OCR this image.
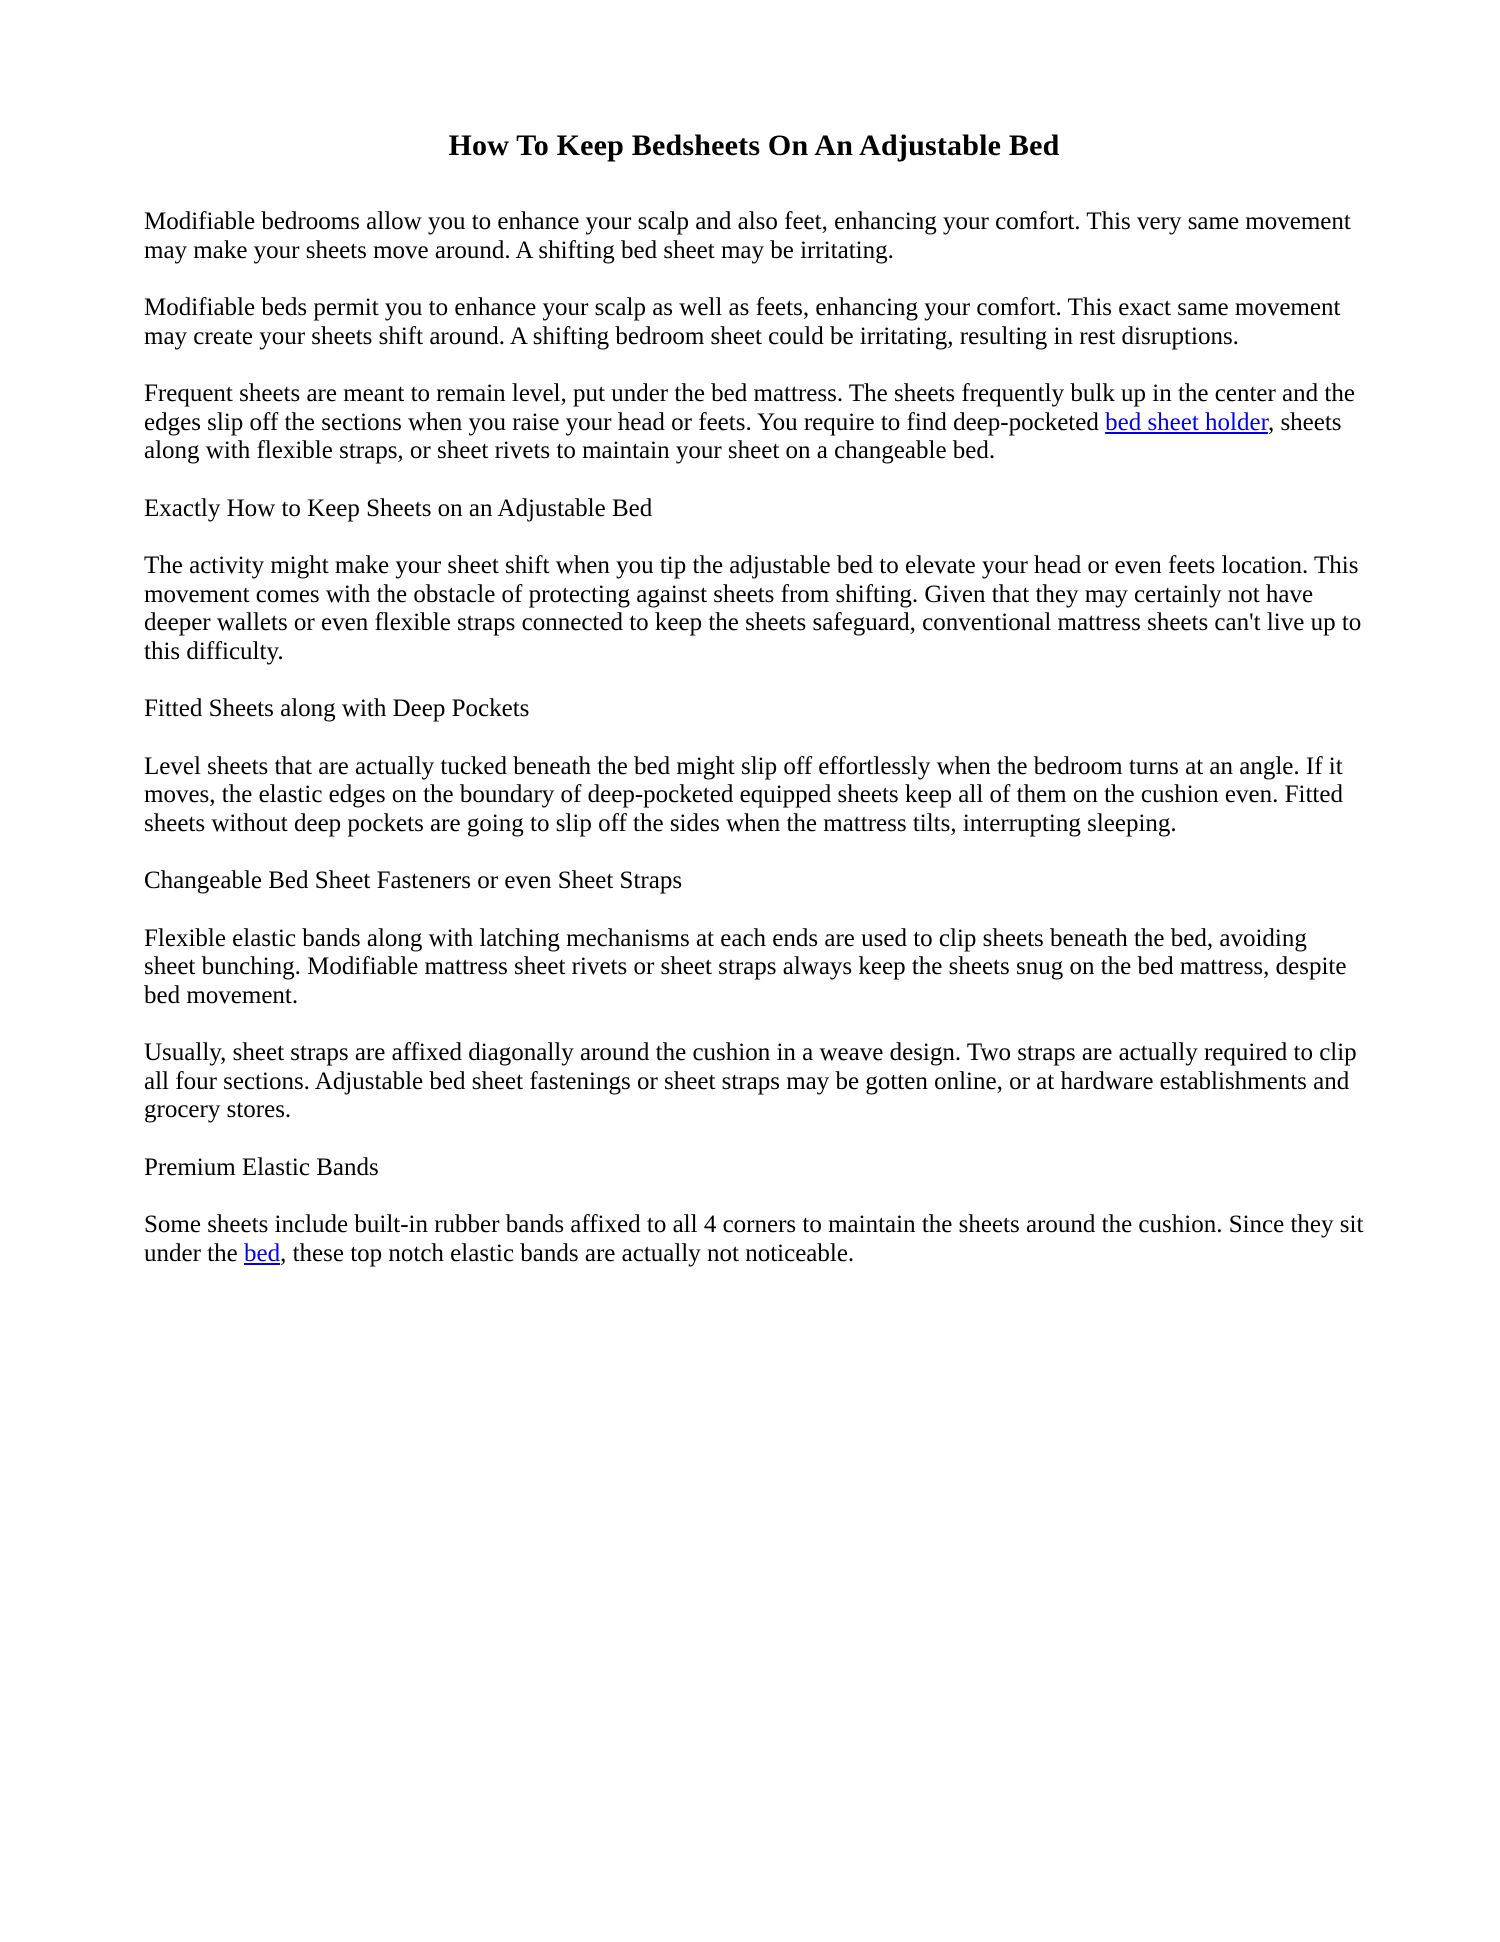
How To Keep Bedsheets On An Adjustable Bed

Modifiable bedrooms allow you to enhance your scalp and also feet, enhancing your comfort. This very same movement may make your sheets move around. A shifting bed sheet may be irritating.

Modifiable beds permit you to enhance your scalp as well as feets, enhancing your comfort. This exact same movement may create your sheets shift around. A shifting bedroom sheet could be irritating, resulting in rest disruptions.

Frequent sheets are meant to remain level, put under the bed mattress. The sheets frequently bulk up in the center and the edges slip off the sections when you raise your head or feets. You require to find deep-pocketed bed sheet holder, sheets along with flexible straps, or sheet rivets to maintain your sheet on a changeable bed.

Exactly How to Keep Sheets on an Adjustable Bed

The activity might make your sheet shift when you tip the adjustable bed to elevate your head or even feets location. This movement comes with the obstacle of protecting against sheets from shifting. Given that they may certainly not have deeper wallets or even flexible straps connected to keep the sheets safeguard, conventional mattress sheets can't live up to this difficulty.

Fitted Sheets along with Deep Pockets

Level sheets that are actually tucked beneath the bed might slip off effortlessly when the bedroom turns at an angle. If it moves, the elastic edges on the boundary of deep-pocketed equipped sheets keep all of them on the cushion even. Fitted sheets without deep pockets are going to slip off the sides when the mattress tilts, interrupting sleeping.

Changeable Bed Sheet Fasteners or even Sheet Straps

Flexible elastic bands along with latching mechanisms at each ends are used to clip sheets beneath the bed, avoiding sheet bunching. Modifiable mattress sheet rivets or sheet straps always keep the sheets snug on the bed mattress, despite bed movement.

Usually, sheet straps are affixed diagonally around the cushion in a weave design. Two straps are actually required to clip all four sections. Adjustable bed sheet fastenings or sheet straps may be gotten online, or at hardware establishments and grocery stores.

Premium Elastic Bands

Some sheets include built-in rubber bands affixed to all 4 corners to maintain the sheets around the cushion. Since they sit under the bed, these top notch elastic bands are actually not noticeable.
